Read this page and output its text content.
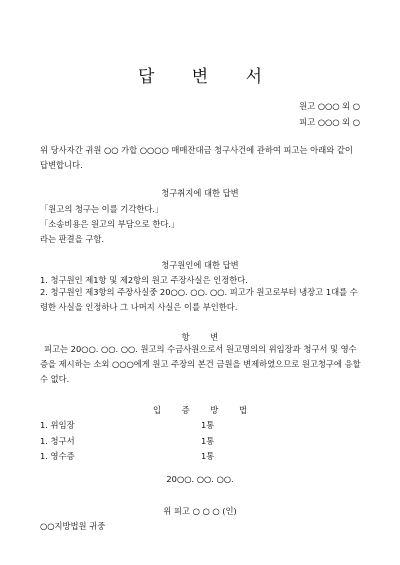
답 변 서
원고 ○○○ 외 ○
피고 ○○○ 외 ○
위 당사자간 귀원 ○○ 가합 ○○○○ 매매잔대금 청구사건에 관하여 피고는 아래와 같이 답변합니다.
청구취지에 대한 답변
「원고의 청구는 이를 기각한다.」
「소송비용은 원고의 부담으로 한다.」
라는 판결을 구함.
청구원인에 대한 답변
1. 청구원인 제1항 및 제2항의 원고 주장사실은 인정한다.
2. 청구원인 제3항의 주장사실중 20○○. ○○. ○○. 피고가 원고로부터 냉장고 1대를 수령한 사실을 인정하나 그 나머지 사실은 이를 부인한다.
항 변
피고는 20○○. ○○. ○○. 원고의 수금사원으로서 원고명의의 위임장과 청구서 및 영수증을 제시하는 소외 ○○○에게 원고 주장의 본건 금원을 변제하였으므로 원고청구에 응할 수 없다.
입 증 방 법
1. 위임장	1통
1. 청구서	1통
1. 영수증	1통
20○○. ○○. ○○.
위 피고 ○ ○ ○ (인)
○○지방법원 귀중
